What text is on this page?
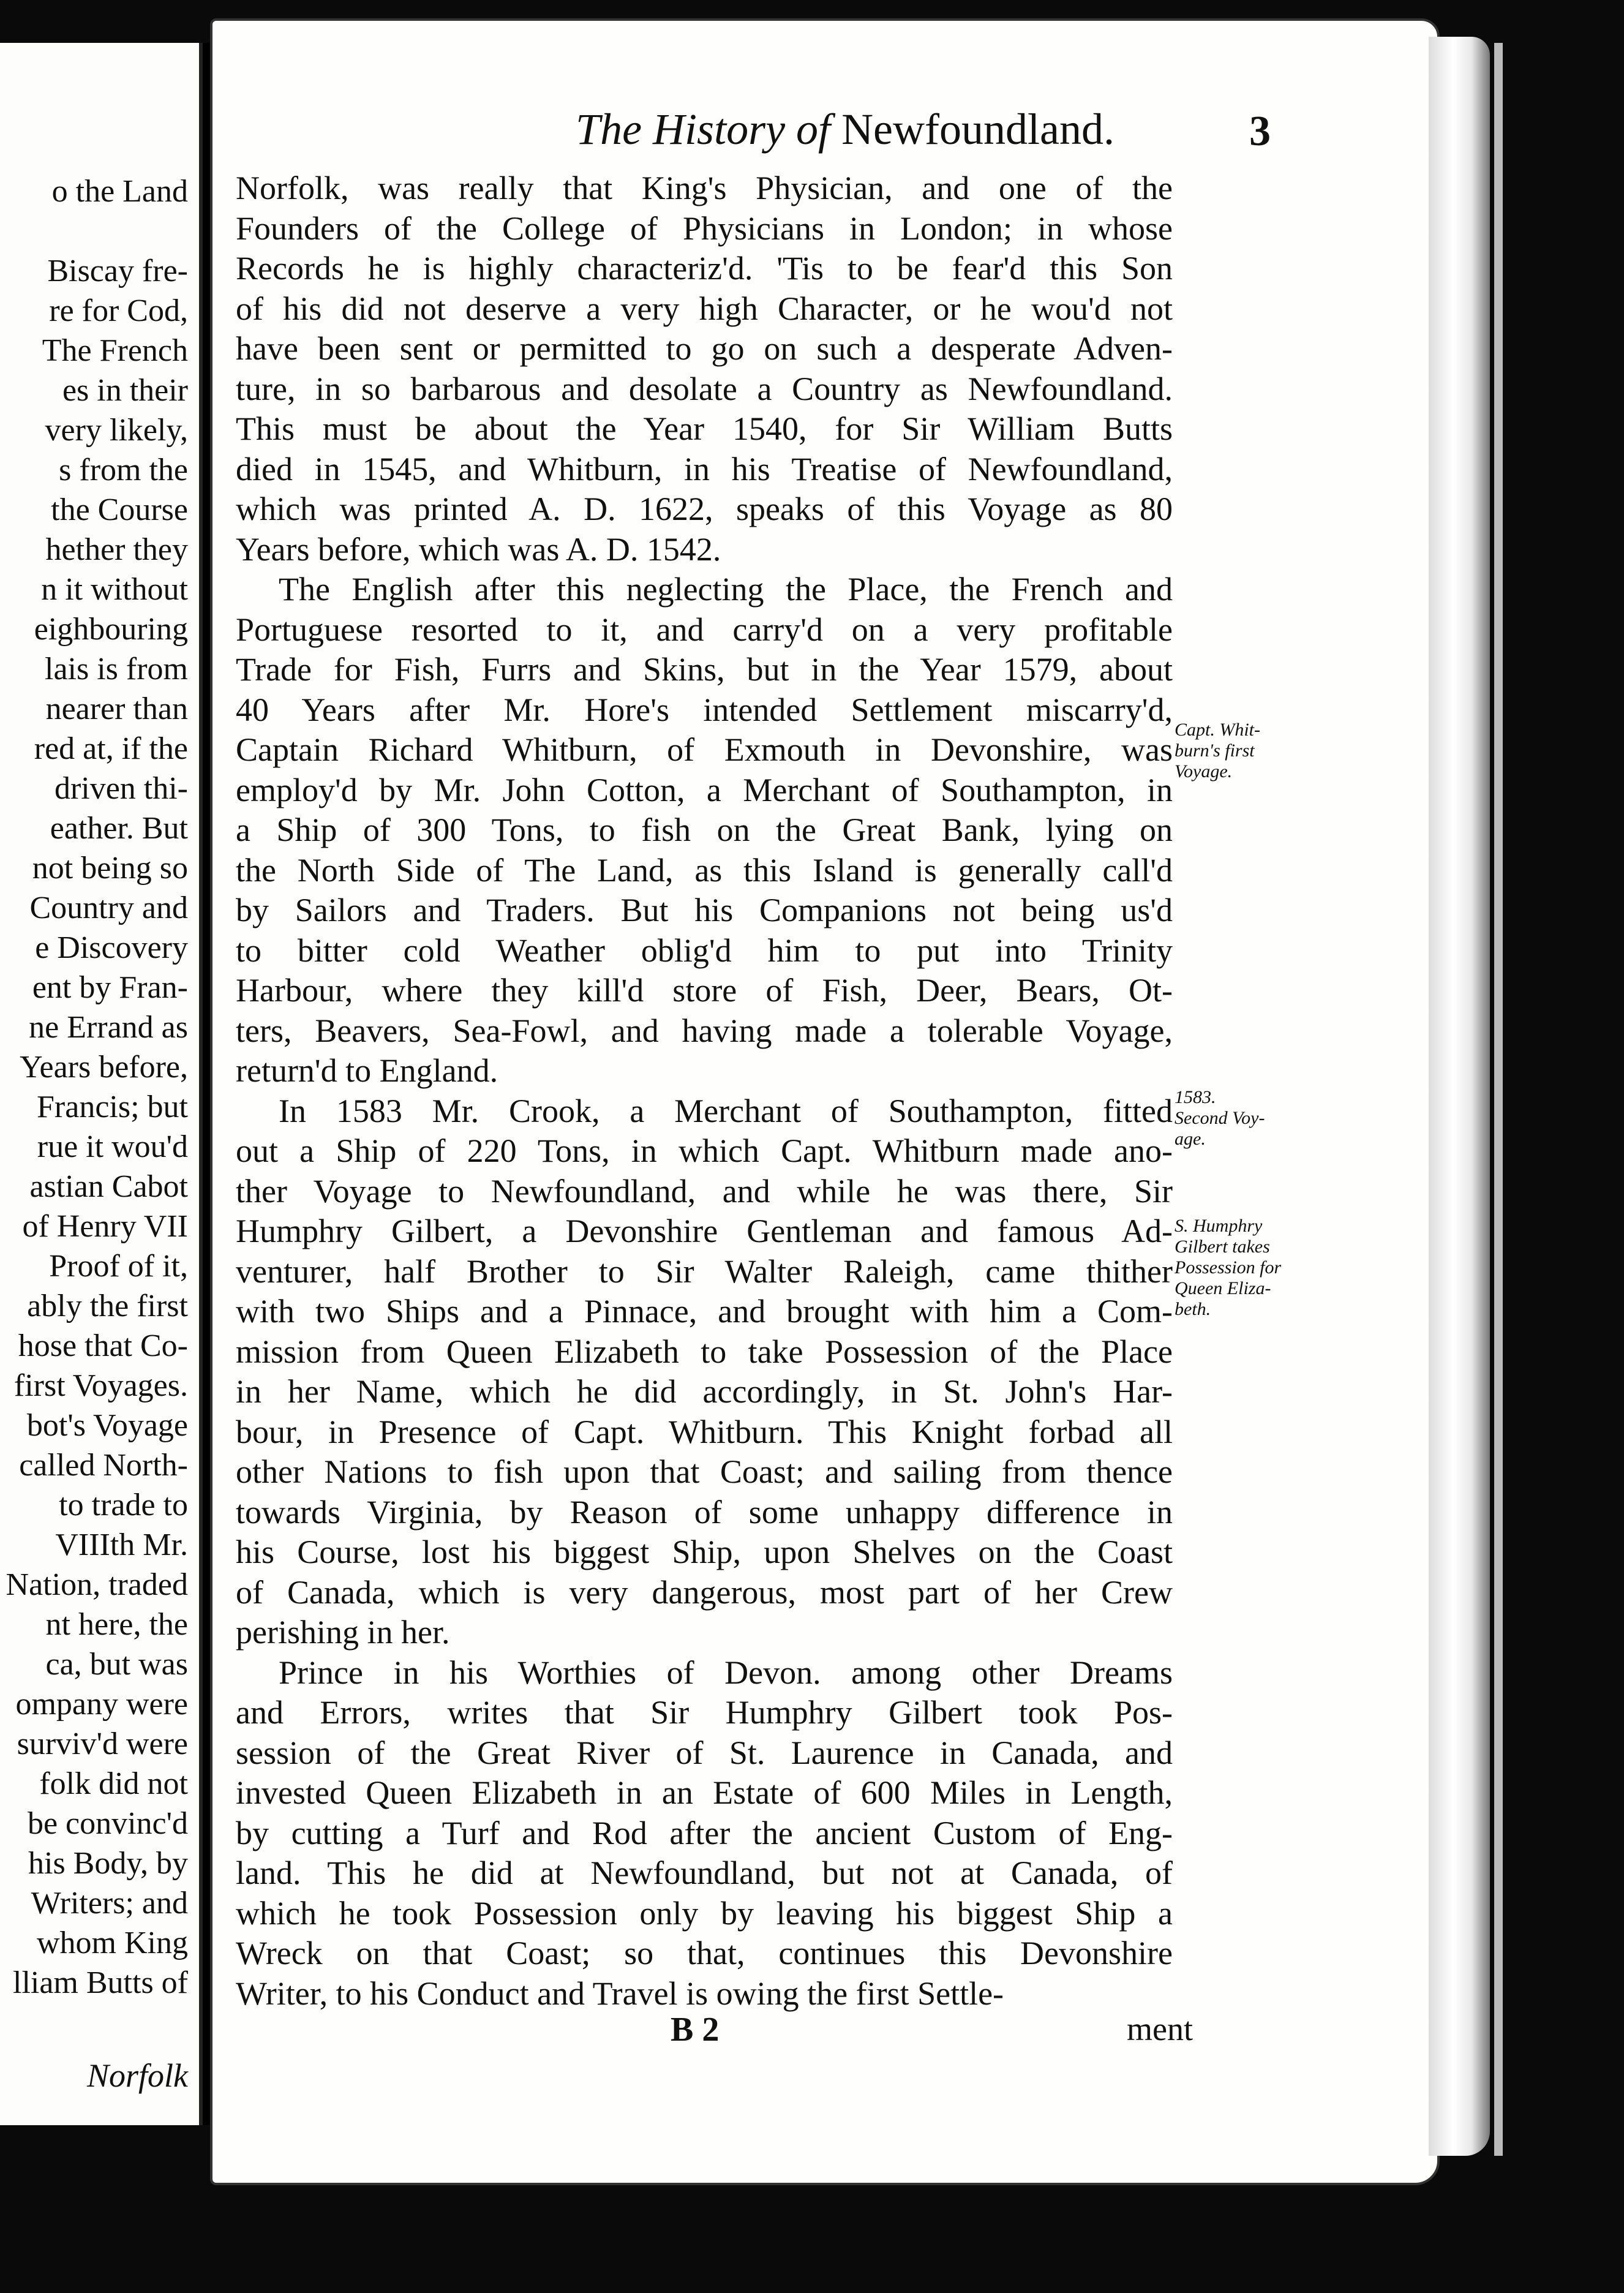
o the Land
Biscay fre-
re for Cod,
The French
es in their
very likely,
s from the
the Course
hether they
n it without
eighbouring
lais is from
nearer than
red at, if the
driven thi-
eather. But
not being so
Country and
e Discovery
ent by Fran-
ne Errand as
Years before,
Francis; but
rue it wou'd
astian Cabot
of Henry VII
Proof of it,
ably the first
hose that Co-
first Voyages.
bot's Voyage
called North-
to trade to
VIIIth Mr.
Nation, traded
nt here, the
ca, but was
ompany were
surviv'd were
folk did not
be convinc'd
his Body, by
Writers; and
whom King
lliam Butts of
Norfolk
The History of Newfoundland.	3
Norfolk, was really that King's Physician, and one of the
Founders of the College of Physicians in London; in whose
Records he is highly characteriz'd. 'Tis to be fear'd this Son
of his did not deserve a very high Character, or he wou'd not
have been sent or permitted to go on such a desperate Adven-
ture, in so barbarous and desolate a Country as Newfoundland.
This must be about the Year 1540, for Sir William Butts
died in 1545, and Whitburn, in his Treatise of Newfoundland,
which was printed A. D. 1622, speaks of this Voyage as 80
Years before, which was A. D. 1542.
The English after this neglecting the Place, the French and
Portuguese resorted to it, and carry'd on a very profitable
Trade for Fish, Furrs and Skins, but in the Year 1579, about
40 Years after Mr. Hore's intended Settlement miscarry'd,
Captain Richard Whitburn, of Exmouth in Devonshire, was
employ'd by Mr. John Cotton, a Merchant of Southampton, in
a Ship of 300 Tons, to fish on the Great Bank, lying on
the North Side of The Land, as this Island is generally call'd
by Sailors and Traders. But his Companions not being us'd
to bitter cold Weather oblig'd him to put into Trinity
Harbour, where they kill'd store of Fish, Deer, Bears, Ot-
ters, Beavers, Sea-Fowl, and having made a tolerable Voyage,
return'd to England.
In 1583 Mr. Crook, a Merchant of Southampton, fitted
out a Ship of 220 Tons, in which Capt. Whitburn made ano-
ther Voyage to Newfoundland, and while he was there, Sir
Humphry Gilbert, a Devonshire Gentleman and famous Ad-
venturer, half Brother to Sir Walter Raleigh, came thither
with two Ships and a Pinnace, and brought with him a Com-
mission from Queen Elizabeth to take Possession of the Place
in her Name, which he did accordingly, in St. John's Har-
bour, in Presence of Capt. Whitburn. This Knight forbad all
other Nations to fish upon that Coast; and sailing from thence
towards Virginia, by Reason of some unhappy difference in
his Course, lost his biggest Ship, upon Shelves on the Coast
of Canada, which is very dangerous, most part of her Crew
perishing in her.
Prince in his Worthies of Devon. among other Dreams
and Errors, writes that Sir Humphry Gilbert took Pos-
session of the Great River of St. Laurence in Canada, and
invested Queen Elizabeth in an Estate of 600 Miles in Length,
by cutting a Turf and Rod after the ancient Custom of Eng-
land. This he did at Newfoundland, but not at Canada, of
which he took Possession only by leaving his biggest Ship a
Wreck on that Coast; so that, continues this Devonshire
Writer, to his Conduct and Travel is owing the first Settle-
Capt. Whit-
burn's first
Voyage.
1583.
Second Voy-
age.
S. Humphry
Gilbert takes
Possession for
Queen Eliza-
beth.
B 2	ment
